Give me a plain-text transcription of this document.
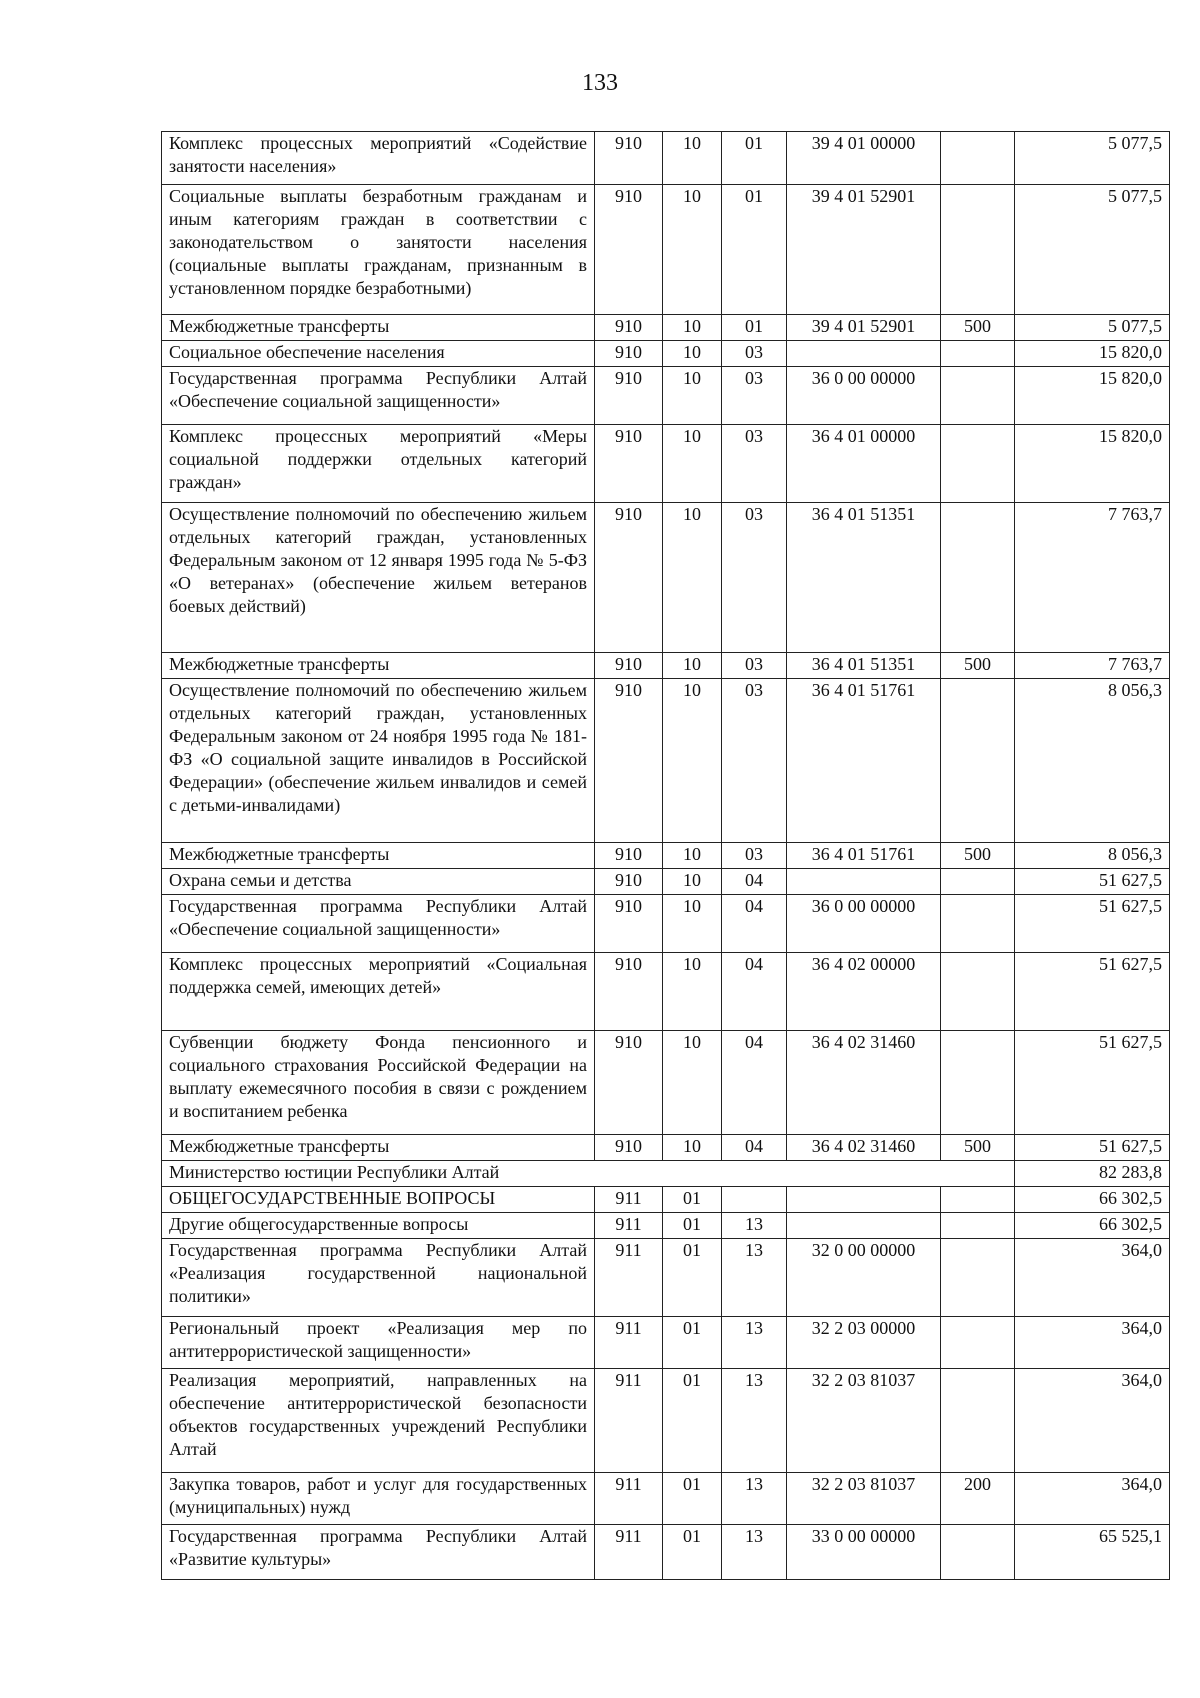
133
Комплекс процессных мероприятий «Содействие занятости населения»	910	10	01	39 4 01 00000		5 077,5
Социальные выплаты безработным гражданам и иным категориям граждан в соответствии с законодательством о занятости населения (социальные выплаты гражданам, признанным в установленном порядке безработными)	910	10	01	39 4 01 52901		5 077,5
Межбюджетные трансферты	910	10	01	39 4 01 52901	500	5 077,5
Социальное обеспечение населения	910	10	03			15 820,0
Государственная программа Республики Алтай «Обеспечение социальной защищенности»	910	10	03	36 0 00 00000		15 820,0
Комплекс процессных мероприятий «Меры социальной поддержки отдельных категорий граждан»	910	10	03	36 4 01 00000		15 820,0
Осуществление полномочий по обеспечению жильем отдельных категорий граждан, установленных Федеральным законом от 12 января 1995 года № 5-ФЗ «О ветеранах» (обеспечение жильем ветеранов боевых действий)	910	10	03	36 4 01 51351		7 763,7
Межбюджетные трансферты	910	10	03	36 4 01 51351	500	7 763,7
Осуществление полномочий по обеспечению жильем отдельных категорий граждан, установленных Федеральным законом от 24 ноября 1995 года № 181-ФЗ «О социальной защите инвалидов в Российской Федерации» (обеспечение жильем инвалидов и семей с детьми-инвалидами)	910	10	03	36 4 01 51761		8 056,3
Межбюджетные трансферты	910	10	03	36 4 01 51761	500	8 056,3
Охрана семьи и детства	910	10	04			51 627,5
Государственная программа Республики Алтай «Обеспечение социальной защищенности»	910	10	04	36 0 00 00000		51 627,5
Комплекс процессных мероприятий «Социальная поддержка семей, имеющих детей»	910	10	04	36 4 02 00000		51 627,5
Субвенции бюджету Фонда пенсионного и социального страхования Российской Федерации на выплату ежемесячного пособия в связи с рождением и воспитанием ребенка	910	10	04	36 4 02 31460		51 627,5
Межбюджетные трансферты	910	10	04	36 4 02 31460	500	51 627,5
Министерство юстиции Республики Алтай						82 283,8
ОБЩЕГОСУДАРСТВЕННЫЕ ВОПРОСЫ	911	01				66 302,5
Другие общегосударственные вопросы	911	01	13			66 302,5
Государственная программа Республики Алтай «Реализация государственной национальной политики»	911	01	13	32 0 00 00000		364,0
Региональный проект «Реализация мер по антитеррористической защищенности»	911	01	13	32 2 03 00000		364,0
Реализация мероприятий, направленных на обеспечение антитеррористической безопасности объектов государственных учреждений Республики Алтай	911	01	13	32 2 03 81037		364,0
Закупка товаров, работ и услуг для государственных (муниципальных) нужд	911	01	13	32 2 03 81037	200	364,0
Государственная программа Республики Алтай «Развитие культуры»	911	01	13	33 0 00 00000		65 525,1
